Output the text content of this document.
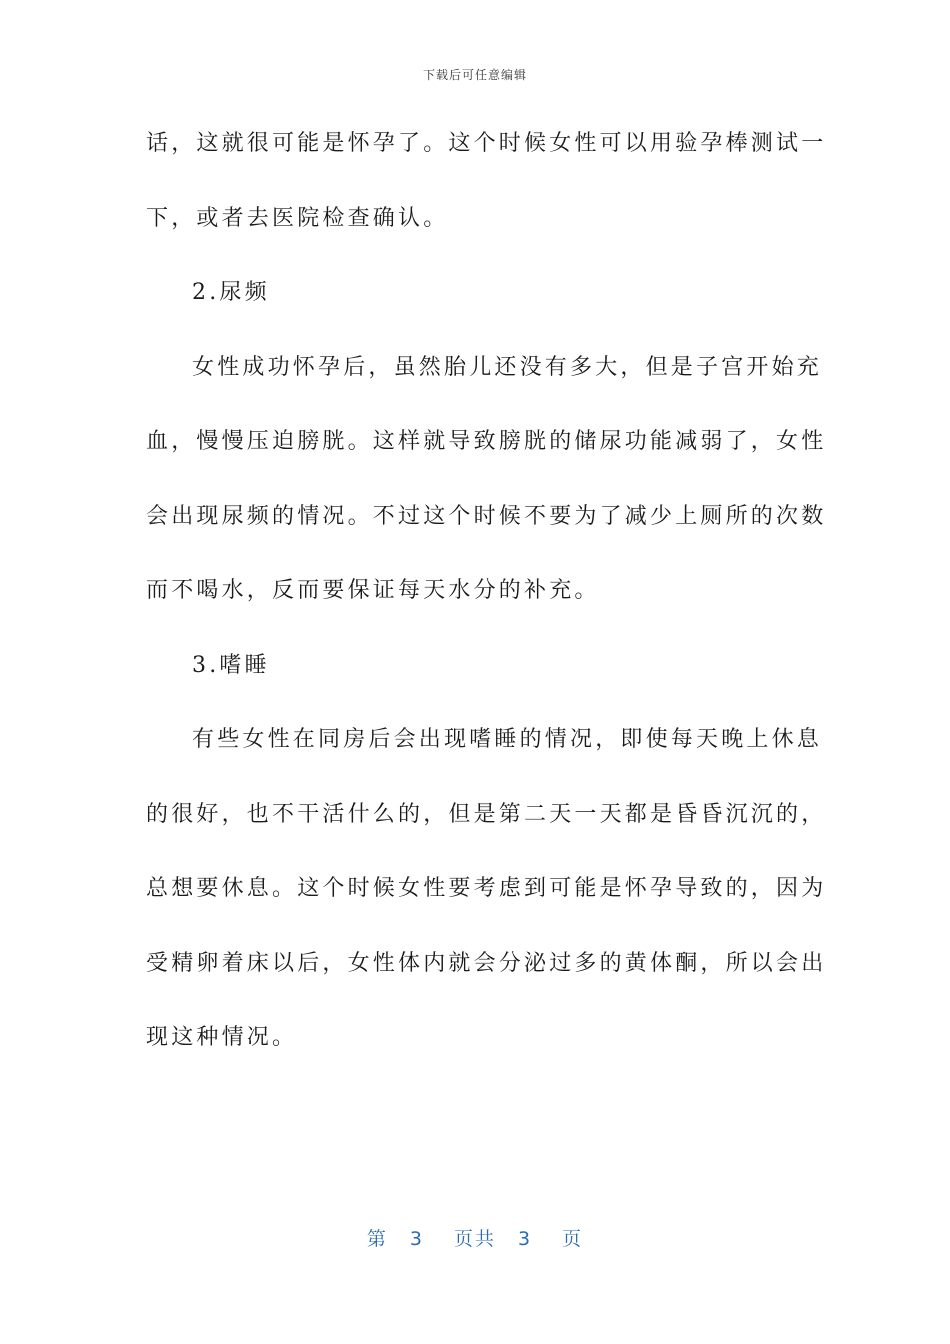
下载后可任意编辑
话，这就很可能是怀孕了。这个时候女性可以用验孕棒测试一
下，或者去医院检查确认。
2.尿频
女性成功怀孕后，虽然胎儿还没有多大，但是子宫开始充
血，慢慢压迫膀胱。这样就导致膀胱的储尿功能减弱了，女性
会出现尿频的情况。不过这个时候不要为了减少上厕所的次数
而不喝水，反而要保证每天水分的补充。
3.嗜睡
有些女性在同房后会出现嗜睡的情况，即使每天晚上休息
的很好，也不干活什么的，但是第二天一天都是昏昏沉沉的，
总想要休息。这个时候女性要考虑到可能是怀孕导致的，因为
受精卵着床以后，女性体内就会分泌过多的黄体酮，所以会出
现这种情况。
第 3 页共 3 页
